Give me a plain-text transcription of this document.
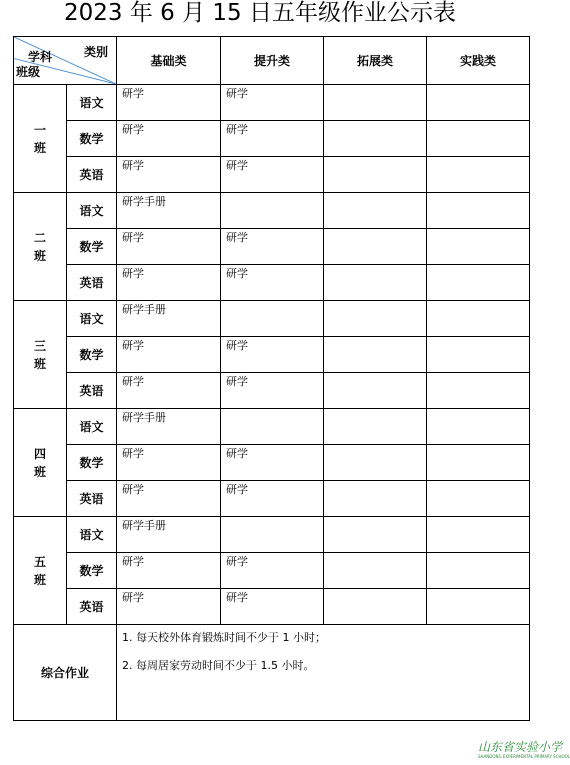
2023 年 6 月 15 日五年级作业公示表
学科 类别
班级		基础类	提升类	拓展类	实践类

一
班	语文	研学	研学		

	数学	研学	研学		

	英语	研学	研学		

二
班	语文	研学手册			

	数学	研学	研学		

	英语	研学	研学		

三
班	语文	研学手册			

	数学	研学	研学		

	英语	研学	研学		

四
班	语文	研学手册			

	数学	研学	研学		

	英语	研学	研学		

五
班	语文	研学手册			

	数学	研学	研学		

	英语	研学	研学		

综合作业		1. 每天校外体育锻炼时间不少于 1 小时；

2. 每周居家劳动时间不少于 1.5 小时。			

山东省实验小学
SHANDONG EXPERIMENTAL PRIMARY SCHOOL
